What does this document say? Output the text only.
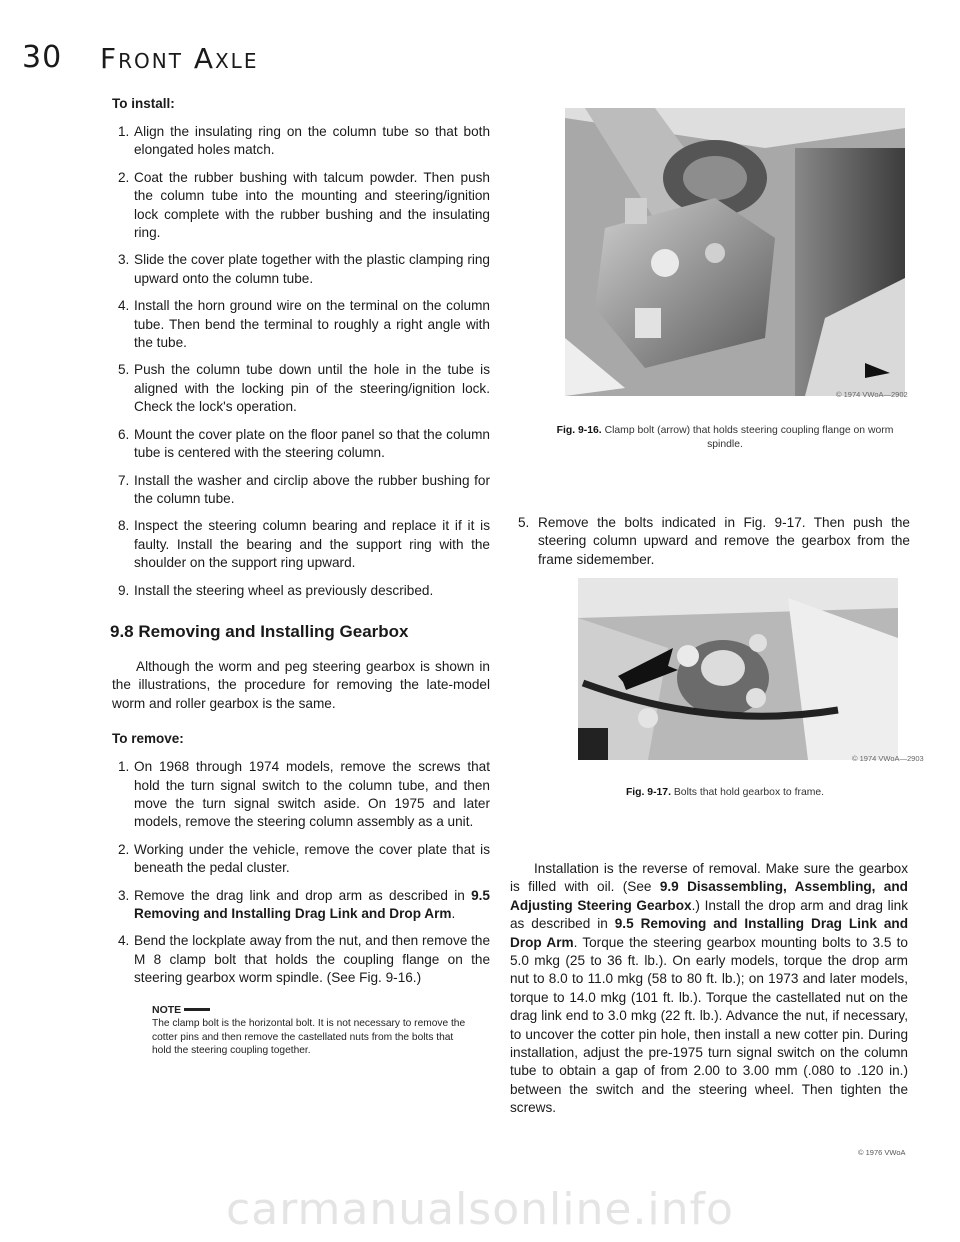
30 Front Axle
To install:
1. Align the insulating ring on the column tube so that both elongated holes match.
2. Coat the rubber bushing with talcum powder. Then push the column tube into the mounting and steering/ignition lock complete with the rubber bushing and the insulating ring.
3. Slide the cover plate together with the plastic clamping ring upward onto the column tube.
4. Install the horn ground wire on the terminal on the column tube. Then bend the terminal to roughly a right angle with the tube.
5. Push the column tube down until the hole in the tube is aligned with the locking pin of the steering/ignition lock. Check the lock's operation.
6. Mount the cover plate on the floor panel so that the column tube is centered with the steering column.
7. Install the washer and circlip above the rubber bushing for the column tube.
8. Inspect the steering column bearing and replace it if it is faulty. Install the bearing and the support ring with the shoulder on the support ring upward.
9. Install the steering wheel as previously described.
9.8 Removing and Installing Gearbox

Although the worm and peg steering gearbox is shown in the illustrations, the procedure for removing the late-model worm and roller gearbox is the same.

To remove:
1. On 1968 through 1974 models, remove the screws that hold the turn signal switch to the column tube, and then move the turn signal switch aside. On 1975 and later models, remove the steering column assembly as a unit.
2. Working under the vehicle, remove the cover plate that is beneath the pedal cluster.
3. Remove the drag link and drop arm as described in 9.5 Removing and Installing Drag Link and Drop Arm.
4. Bend the lockplate away from the nut, and then remove the M 8 clamp bolt that holds the coupling flange on the steering gearbox worm spindle. (See Fig. 9-16.)
NOTE
The clamp bolt is the horizontal bolt. It is not necessary to remove the cotter pins and then remove the castellated nuts from the bolts that hold the steering coupling together.
© 1974 VWoA—2902
Fig. 9-16. Clamp bolt (arrow) that holds steering coupling flange on worm spindle.
5. Remove the bolts indicated in Fig. 9-17. Then push the steering column upward and remove the gearbox from the frame sidemember.
© 1974 VWoA—2903
Fig. 9-17. Bolts that hold gearbox to frame.
Installation is the reverse of removal. Make sure the gearbox is filled with oil. (See 9.9 Disassembling, Assembling, and Adjusting Steering Gearbox.) Install the drop arm and drag link as described in 9.5 Removing and Installing Drag Link and Drop Arm. Torque the steering gearbox mounting bolts to 3.5 to 5.0 mkg (25 to 36 ft. lb.). On early models, torque the drop arm nut to 8.0 to 11.0 mkg (58 to 80 ft. lb.); on 1973 and later models, torque to 14.0 mkg (101 ft. lb.). Torque the castellated nut on the drag link end to 3.0 mkg (22 ft. lb.). Advance the nut, if necessary, to uncover the cotter pin hole, then install a new cotter pin. During installation, adjust the pre-1975 turn signal switch on the column tube to obtain a gap of from 2.00 to 3.00 mm (.080 to .120 in.) between the switch and the steering wheel. Then tighten the screws.
© 1976 VWoA
carmanualsonline.info
